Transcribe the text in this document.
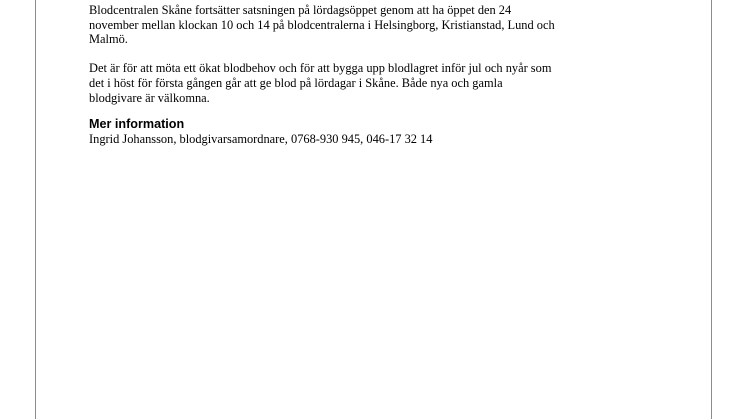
Blodcentralen Skåne fortsätter satsningen på lördagsöppet genom att ha öppet den 24
november mellan klockan 10 och 14 på blodcentralerna i Helsingborg, Kristianstad, Lund och
Malmö.

Det är för att möta ett ökat blodbehov och för att bygga upp blodlagret inför jul och nyår som
det i höst för första gången går att ge blod på lördagar i Skåne. Både nya och gamla
blodgivare är välkomna.

Mer information

Ingrid Johansson, blodgivarsamordnare, 0768-930 945, 046-17 32 14
